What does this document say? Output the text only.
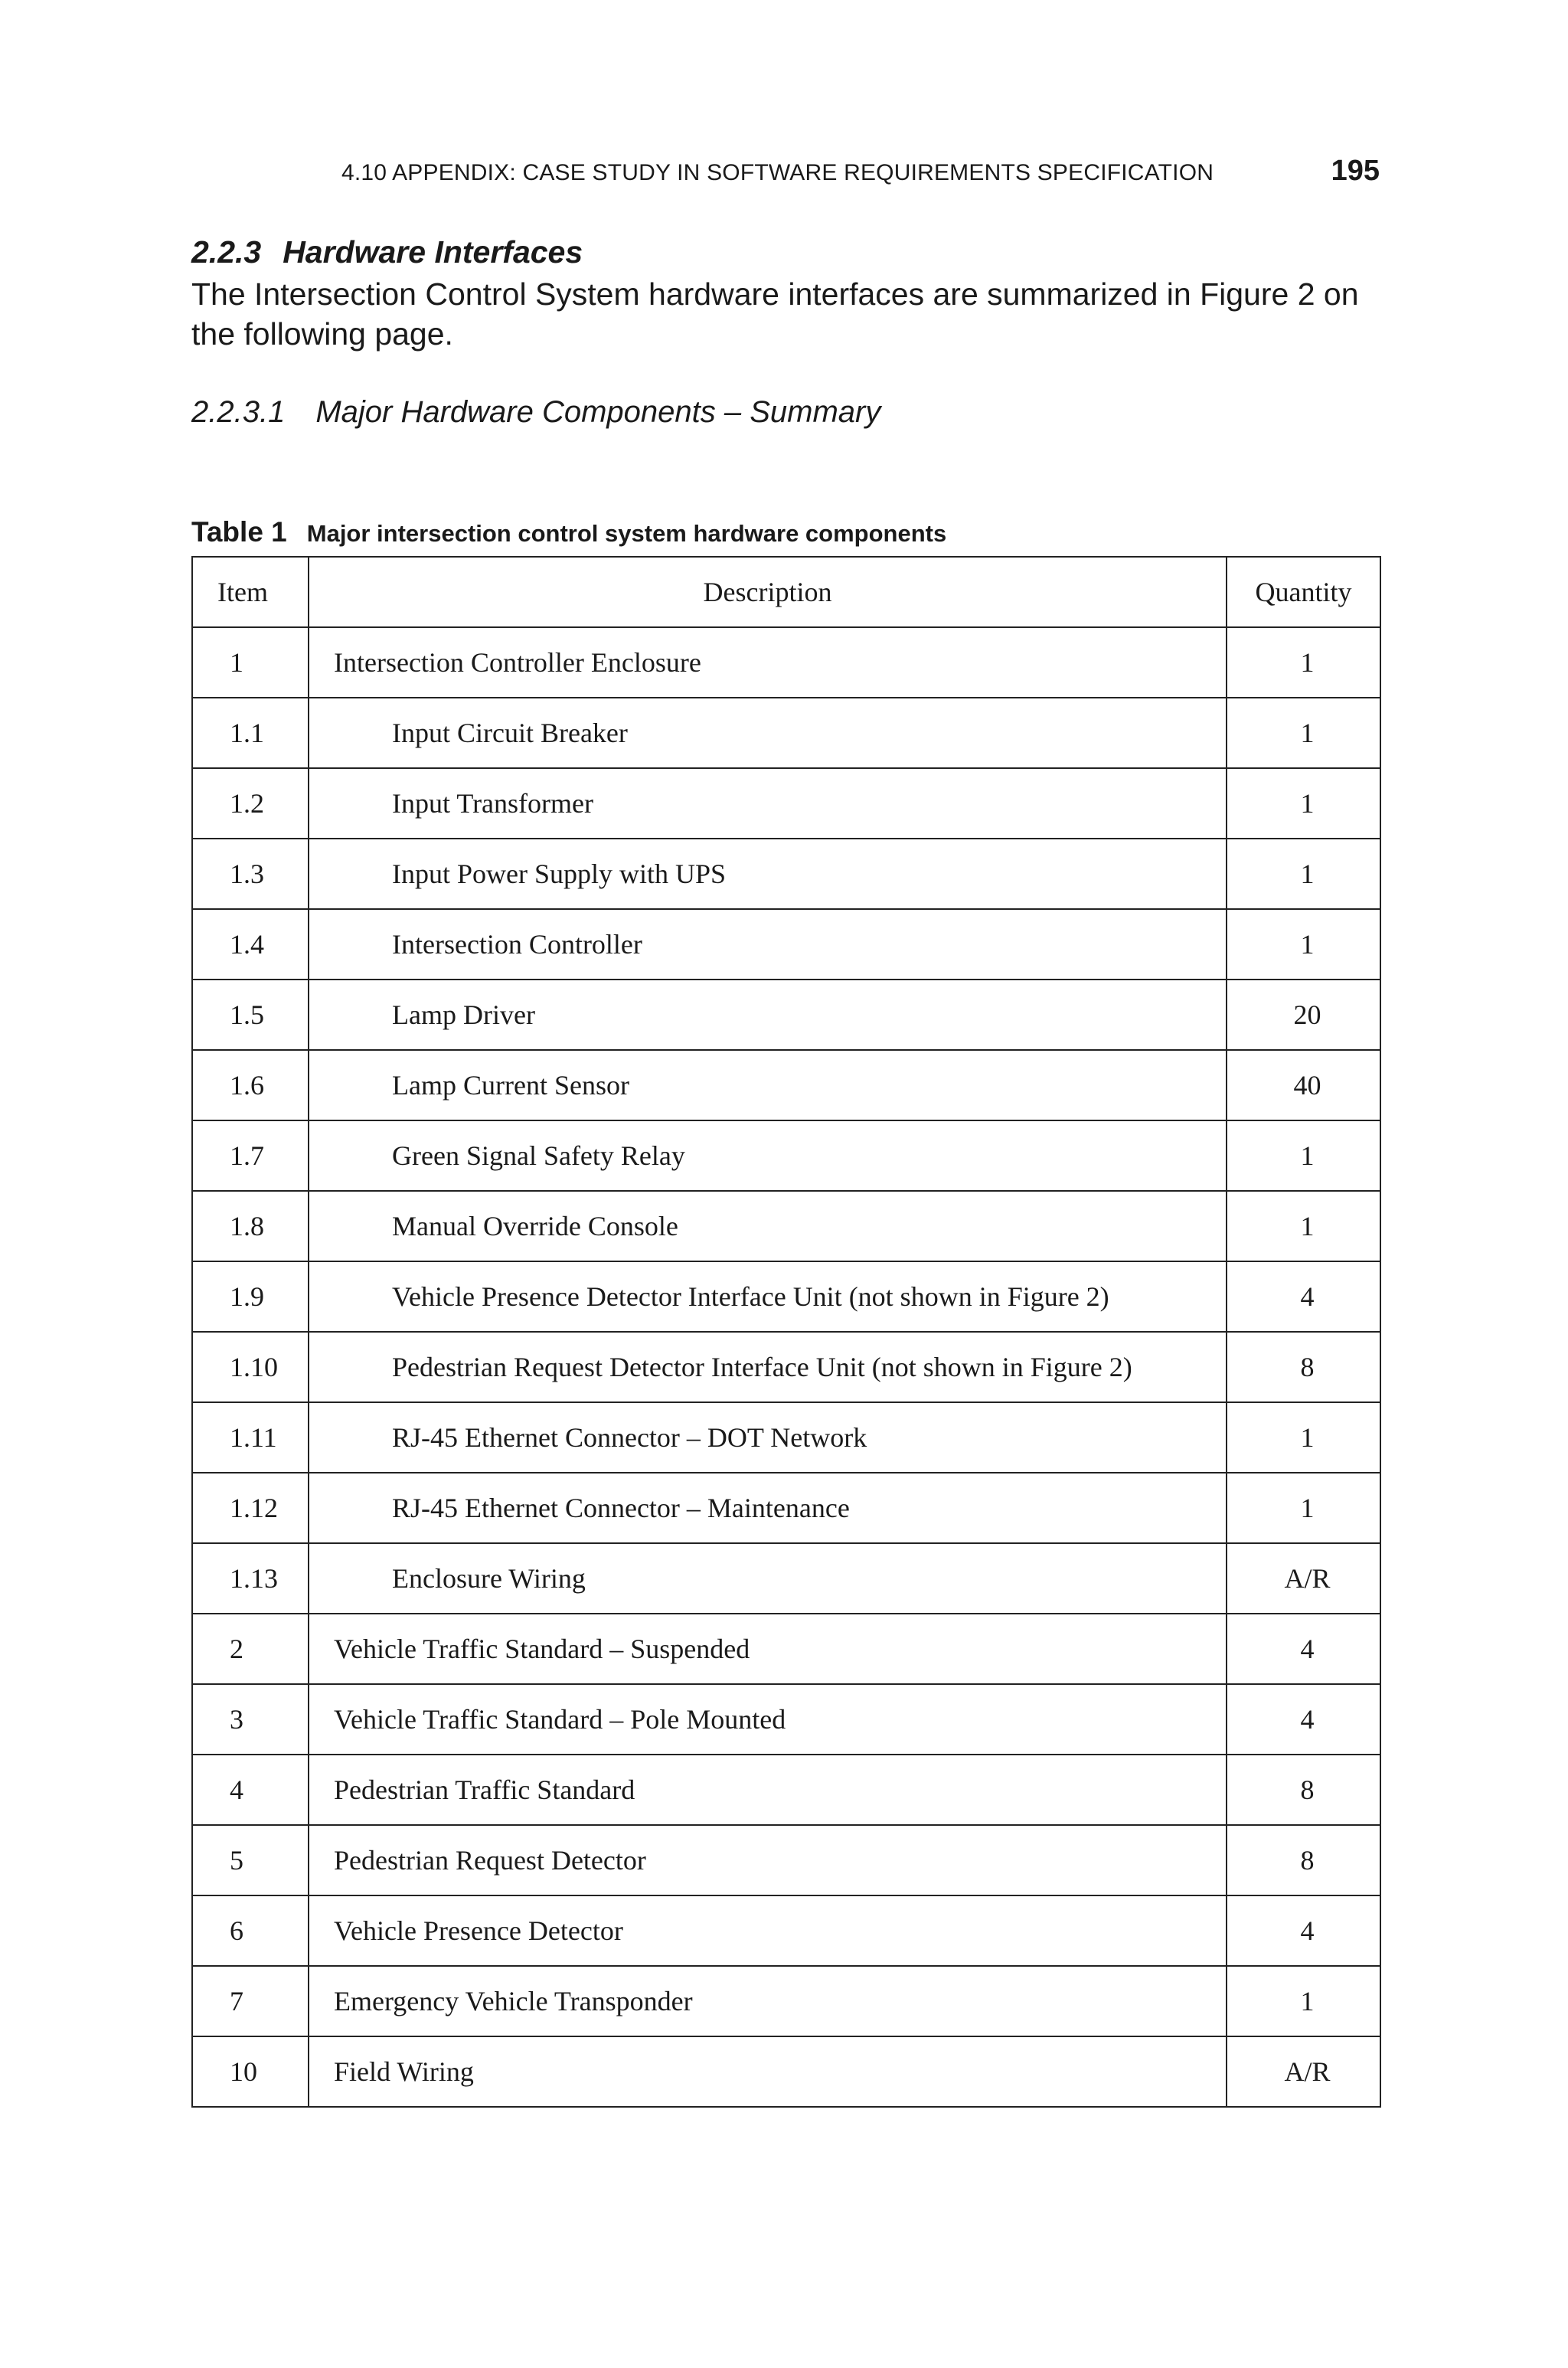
4.10 APPENDIX: CASE STUDY IN SOFTWARE REQUIREMENTS SPECIFICATION	195
2.2.3 Hardware Interfaces
The Intersection Control System hardware interfaces are summarized in Figure 2 on the following page.
2.2.3.1 Major Hardware Components – Summary
Table 1 Major intersection control system hardware components
Item	Description	Quantity
1	Intersection Controller Enclosure	1
1.1	Input Circuit Breaker	1
1.2	Input Transformer	1
1.3	Input Power Supply with UPS	1
1.4	Intersection Controller	1
1.5	Lamp Driver	20
1.6	Lamp Current Sensor	40
1.7	Green Signal Safety Relay	1
1.8	Manual Override Console	1
1.9	Vehicle Presence Detector Interface Unit (not shown in Figure 2)	4
1.10	Pedestrian Request Detector Interface Unit (not shown in Figure 2)	8
1.11	RJ-45 Ethernet Connector – DOT Network	1
1.12	RJ-45 Ethernet Connector – Maintenance	1
1.13	Enclosure Wiring	A/R
2	Vehicle Traffic Standard – Suspended	4
3	Vehicle Traffic Standard – Pole Mounted	4
4	Pedestrian Traffic Standard	8
5	Pedestrian Request Detector	8
6	Vehicle Presence Detector	4
7	Emergency Vehicle Transponder	1
10	Field Wiring	A/R
